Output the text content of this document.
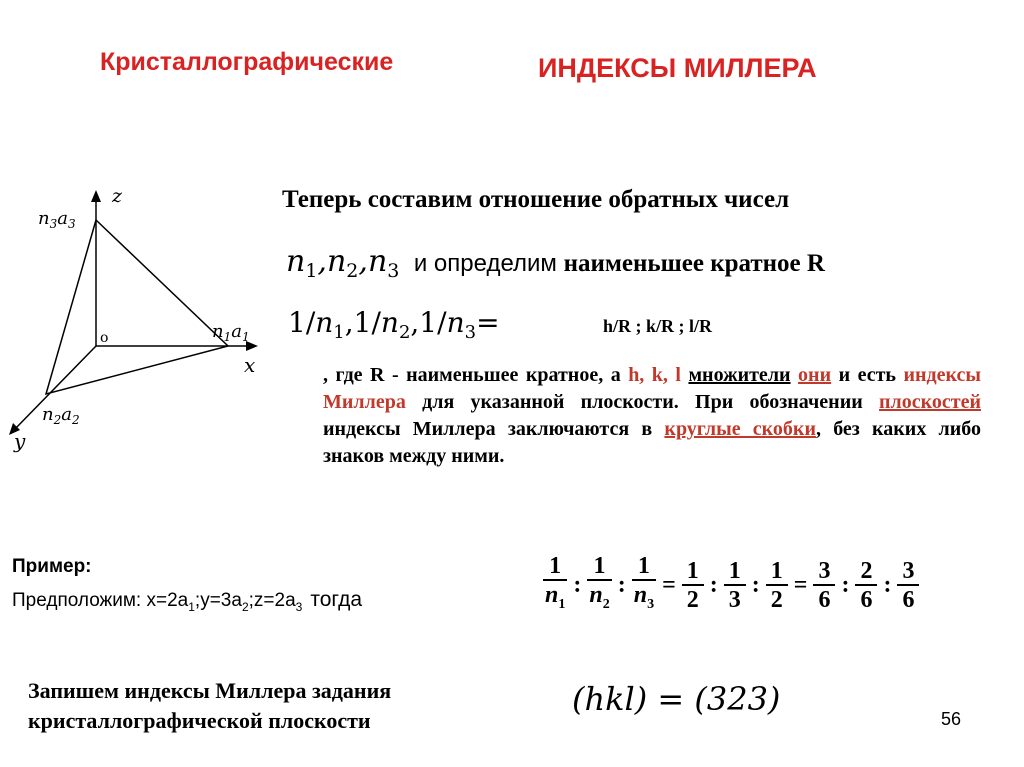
Кристаллографические	ИНДЕКСЫ МИЛЛЕРА
z
x
y
o
$n_3a_3$
$n_1a_1$
$n_2a_2$
Теперь составим отношение обратных чисел
$n_1,n_2,n_3$ и определим наименьшее кратное R
$1/n_1,1/n_2,1/n_3=$	h/R ; k/R ; l/R
, где R - наименьшее кратное, а h, k, l множители они и есть индексы Миллера для указанной плоскости. При обозначении плоскостей индексы Миллера заключаются в круглые скобки, без каких либо знаков между ними.
Пример:
Предположим: $x=2a_1;y=3a_2;z=2a_3$ тогда	$\frac{1}{n_1}$ : $\frac{1}{n_2}$ : $\frac{1}{n_3} = \frac{1}{2}$ : $\frac{1}{3}$ : $\frac{1}{2} = \frac{3}{6}$ : $\frac{2}{6}$ : $\frac{3}{6}$
Запишем индексы Миллера задания кристаллографической плоскости
(hkl) = (323)
56
